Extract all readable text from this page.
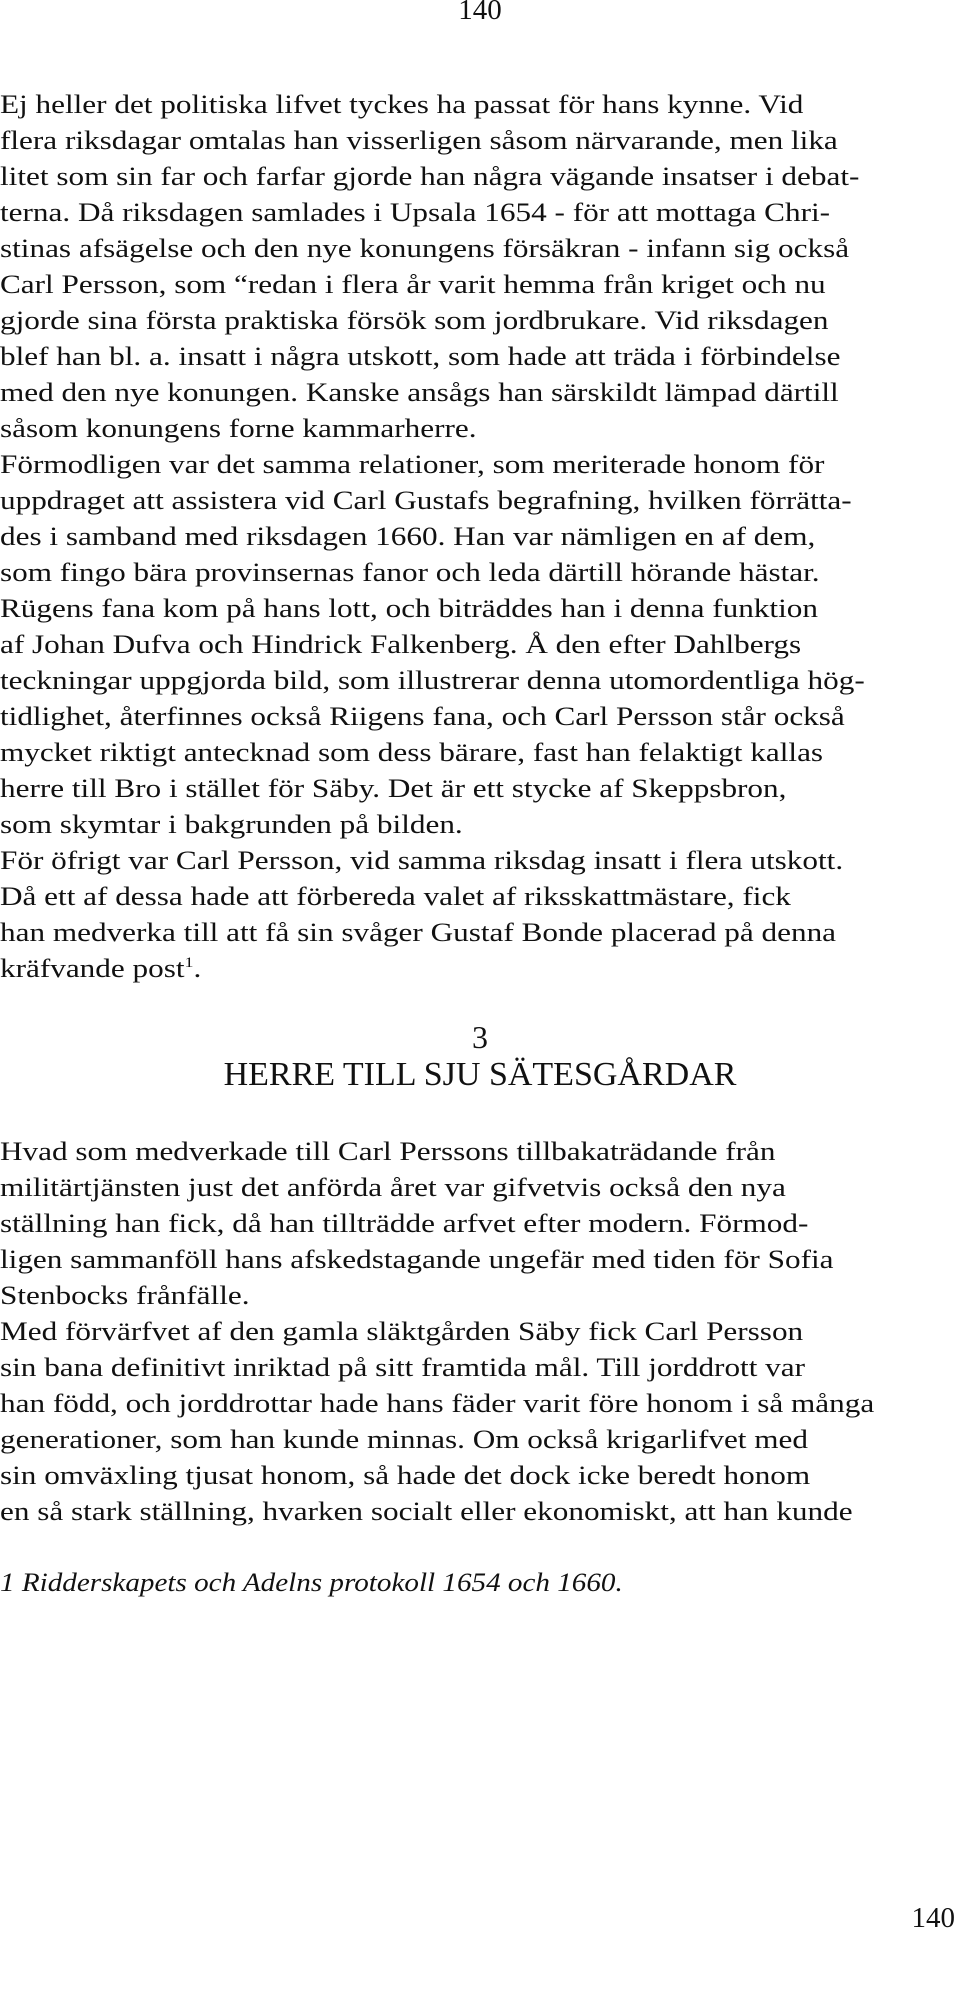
140
Ej heller det politiska lifvet tyckes ha passat för hans kynne. Vid
flera riksdagar omtalas han visserligen såsom närvarande, men lika
litet som sin far och farfar gjorde han några vägande insatser i debat-
terna. Då riksdagen samlades i Upsala 1654 - för att mottaga Chri-
stinas afsägelse och den nye konungens försäkran - infann sig också
Carl Persson, som “redan i flera år varit hemma från kriget och nu
gjorde sina första praktiska försök som jordbrukare. Vid riksdagen
blef han bl. a. insatt i några utskott, som hade att träda i förbindelse
med den nye konungen. Kanske ansågs han särskildt lämpad därtill
såsom konungens forne kammarherre.
Förmodligen var det samma relationer, som meriterade honom för
uppdraget att assistera vid Carl Gustafs begrafning, hvilken förrätta-
des i samband med riksdagen 1660. Han var nämligen en af dem,
som fingo bära provinsernas fanor och leda därtill hörande hästar.
Rügens fana kom på hans lott, och biträddes han i denna funktion
af Johan Dufva och Hindrick Falkenberg. Å den efter Dahlbergs
teckningar uppgjorda bild, som illustrerar denna utomordentliga hög-
tidlighet, återfinnes också Riigens fana, och Carl Persson står också
mycket riktigt antecknad som dess bärare, fast han felaktigt kallas
herre till Bro i stället för Säby. Det är ett stycke af Skeppsbron,
som skymtar i bakgrunden på bilden.
För öfrigt var Carl Persson, vid samma riksdag insatt i flera utskott.
Då ett af dessa hade att förbereda valet af riksskattmästare, fick
han medverka till att få sin svåger Gustaf Bonde placerad på denna
kräfvande post$^1$.
3
HERRE TILL SJU SÄTESGÅRDAR
Hvad som medverkade till Carl Perssons tillbakaträdande från
militärtjänsten just det anförda året var gifvetvis också den nya
ställning han fick, då han tillträdde arfvet efter modern. Förmod-
ligen sammanföll hans afskedstagande ungefär med tiden för Sofia
Stenbocks frånfälle.
Med förvärfvet af den gamla släktgården Säby fick Carl Persson
sin bana definitivt inriktad på sitt framtida mål. Till jorddrott var
han född, och jorddrottar hade hans fäder varit före honom i så många
generationer, som han kunde minnas. Om också krigarlifvet med
sin omväxling tjusat honom, så hade det dock icke beredt honom
en så stark ställning, hvarken socialt eller ekonomiskt, att han kunde
1 Ridderskapets och Adelns protokoll 1654 och 1660.
140
